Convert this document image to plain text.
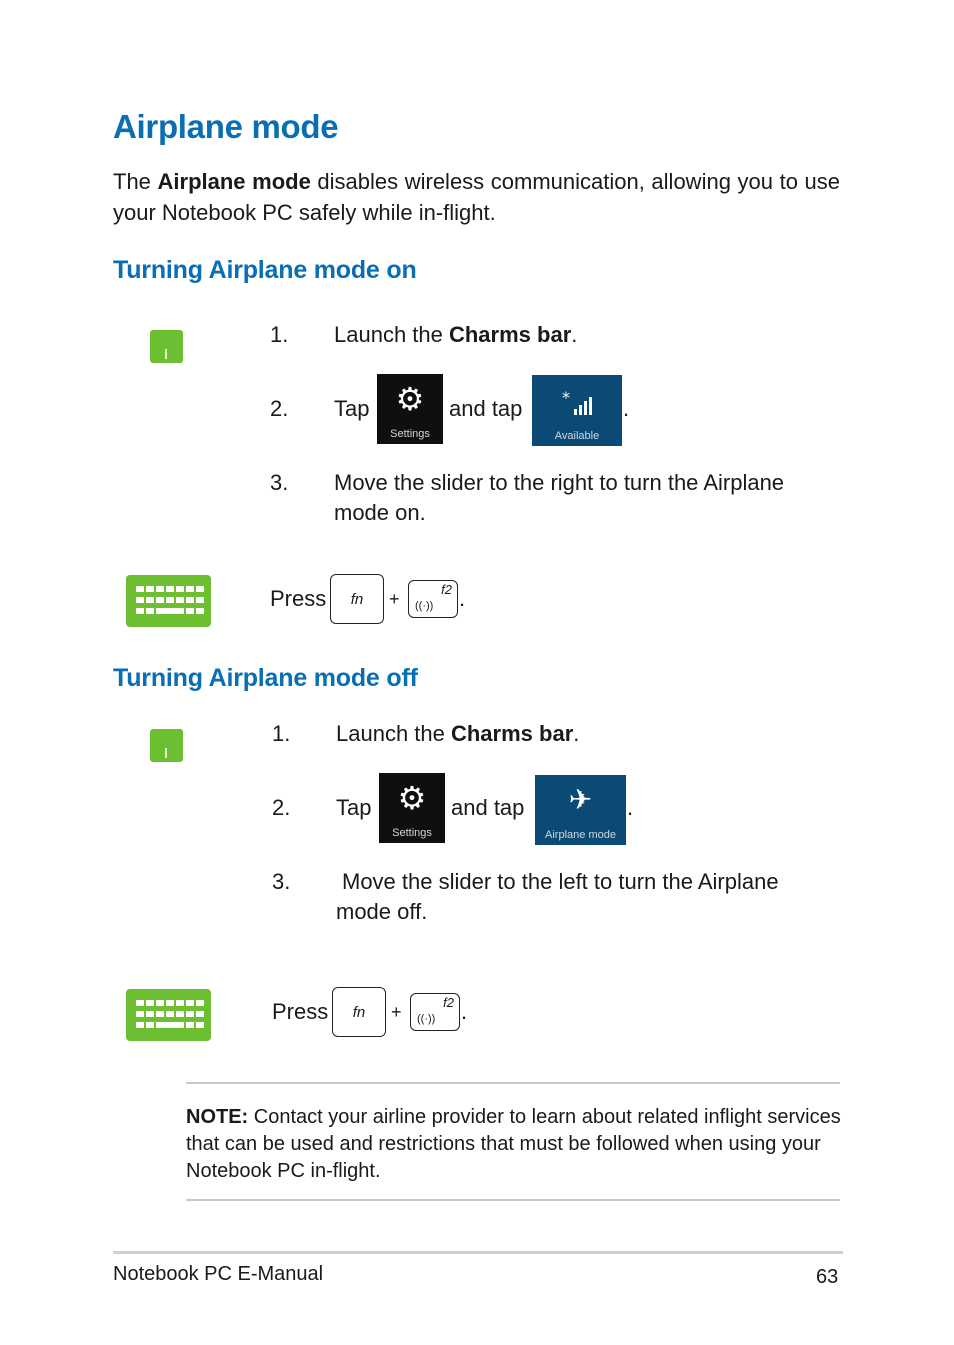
Airplane mode
The Airplane mode disables wireless communication, allowing you to use your Notebook PC safely while in-flight.
Turning Airplane mode on
1. Launch the Charms bar.
2. Tap ⚙
Settings
and tap *
Available
.
3. Move the slider to the right to turn the Airplane mode on.
Press	fn	+	f2
((·)) .
Turning Airplane mode off
1. Launch the Charms bar.
2. Tap ⚙
Settings
and tap	✈
Airplane mode
.
3. Move the slider to the left to turn the Airplane mode off.
Press	fn	+	f2
((·)) .
NOTE: Contact your airline provider to learn about related inflight services that can be used and restrictions that must be followed when using your Notebook PC in-flight.
Notebook PC E-Manual	63
